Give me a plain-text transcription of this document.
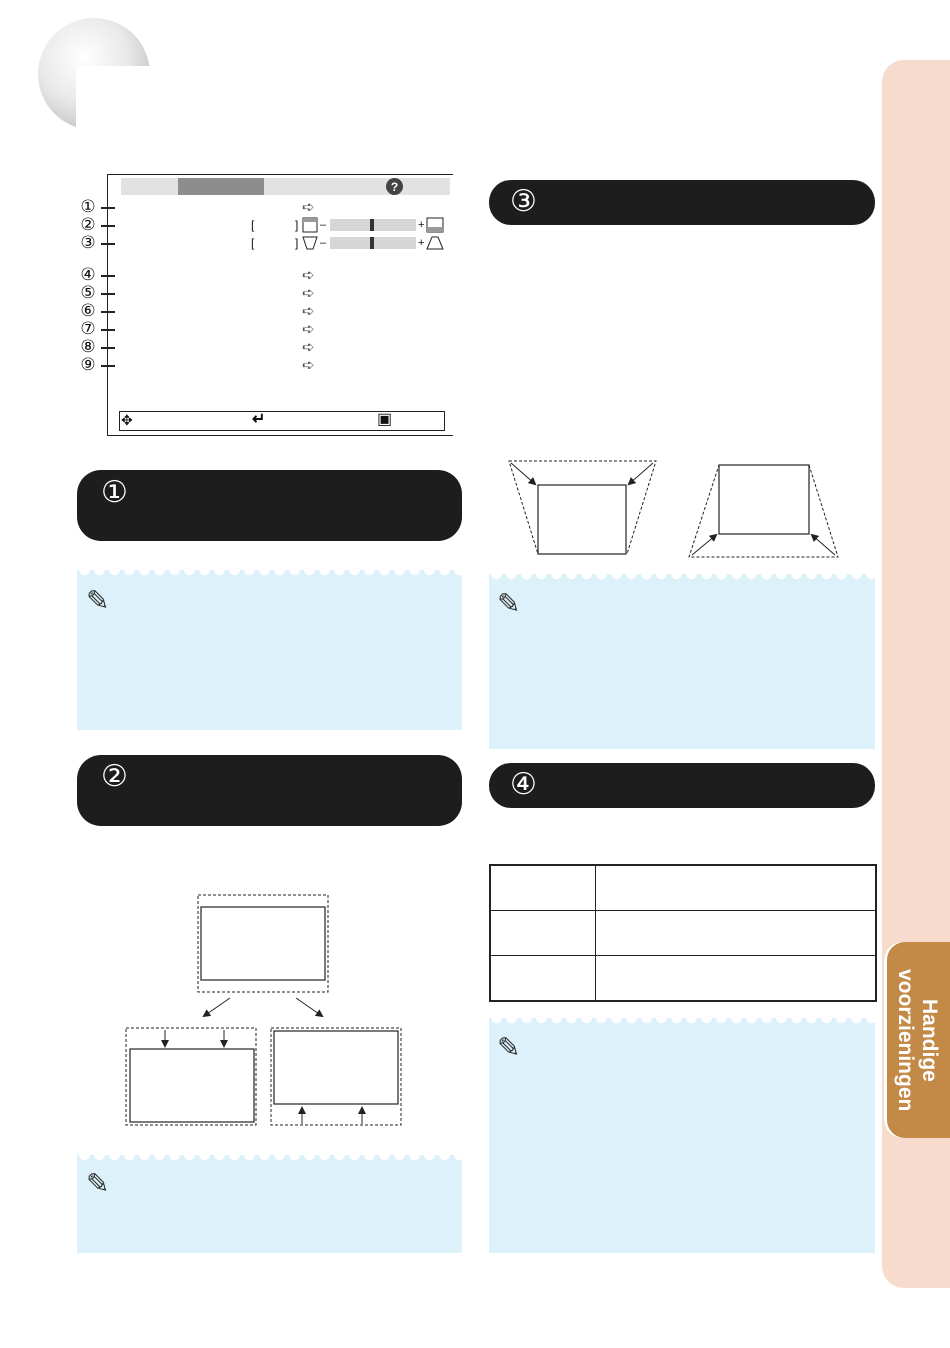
Handige voorzieningen
?
①	➪
②	[	] –	+
③	[	] –	+
④	➪
⑤	➪
⑥	➪
⑦	➪
⑧	➪
⑨	➪
✥	↵	▣
①
✎
②
✎
③
✎
④

✎
